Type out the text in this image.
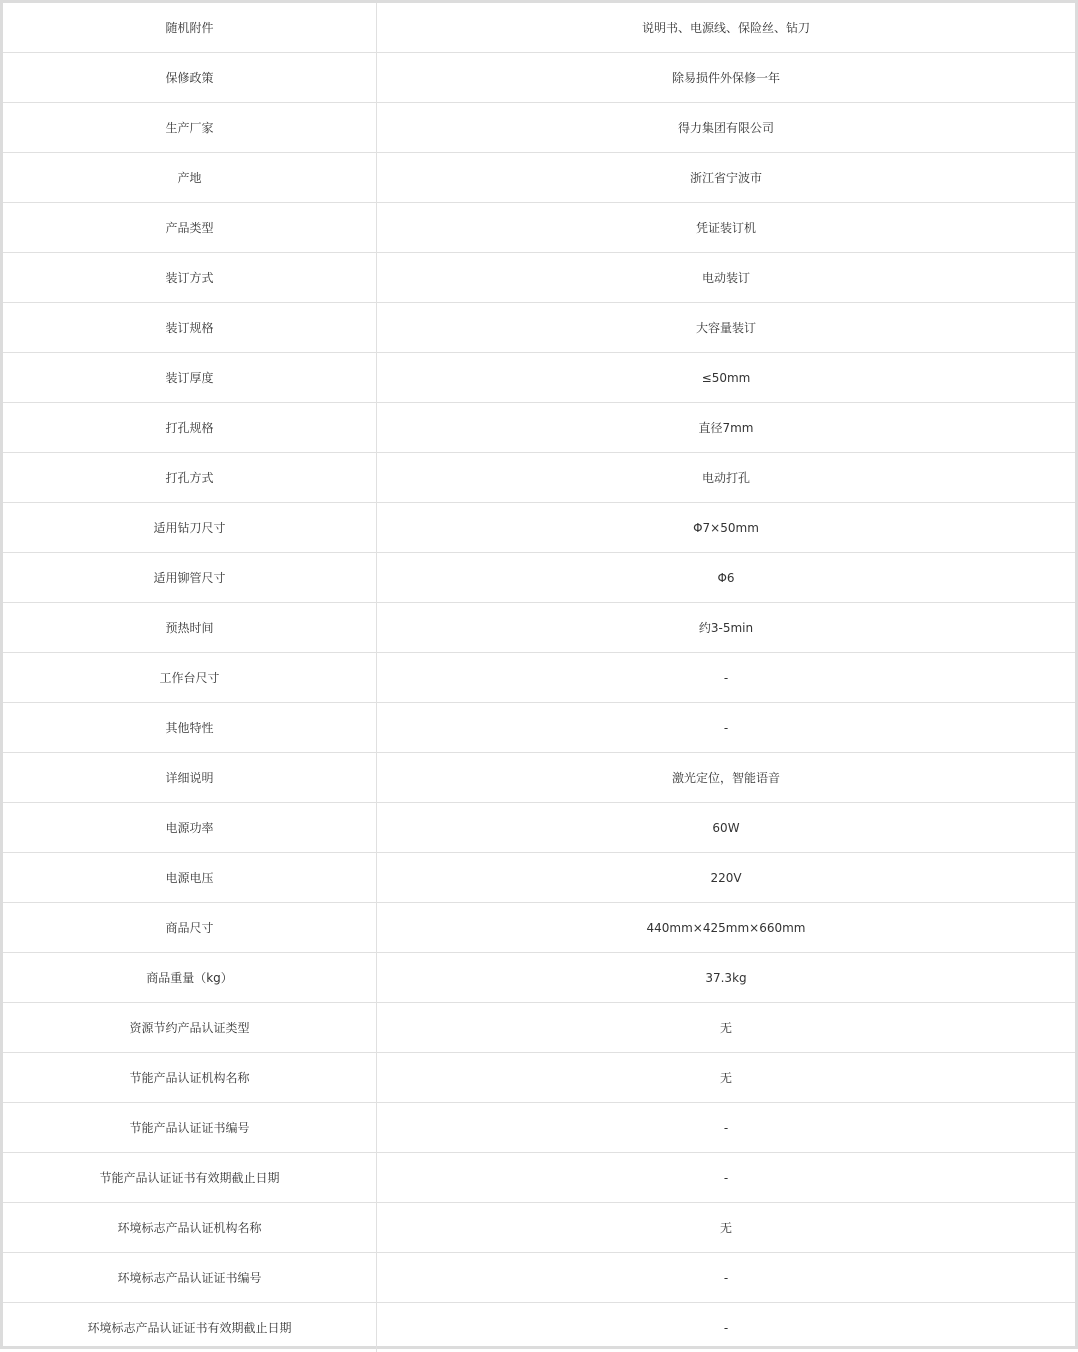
随机附件	说明书、电源线、保险丝、钻刀
保修政策	除易损件外保修一年
生产厂家	得力集团有限公司
产地	浙江省宁波市
产品类型	凭证装订机
装订方式	电动装订
装订规格	大容量装订
装订厚度	≤50mm
打孔规格	直径7mm
打孔方式	电动打孔
适用钻刀尺寸	Φ7×50mm
适用铆管尺寸	Φ6
预热时间	约3-5min
工作台尺寸	-
其他特性	-
详细说明	激光定位，智能语音
电源功率	60W
电源电压	220V
商品尺寸	440mm×425mm×660mm
商品重量（kg）	37.3kg
资源节约产品认证类型	无
节能产品认证机构名称	无
节能产品认证证书编号	-
节能产品认证证书有效期截止日期	-
环境标志产品认证机构名称	无
环境标志产品认证证书编号	-
环境标志产品认证证书有效期截止日期	-
